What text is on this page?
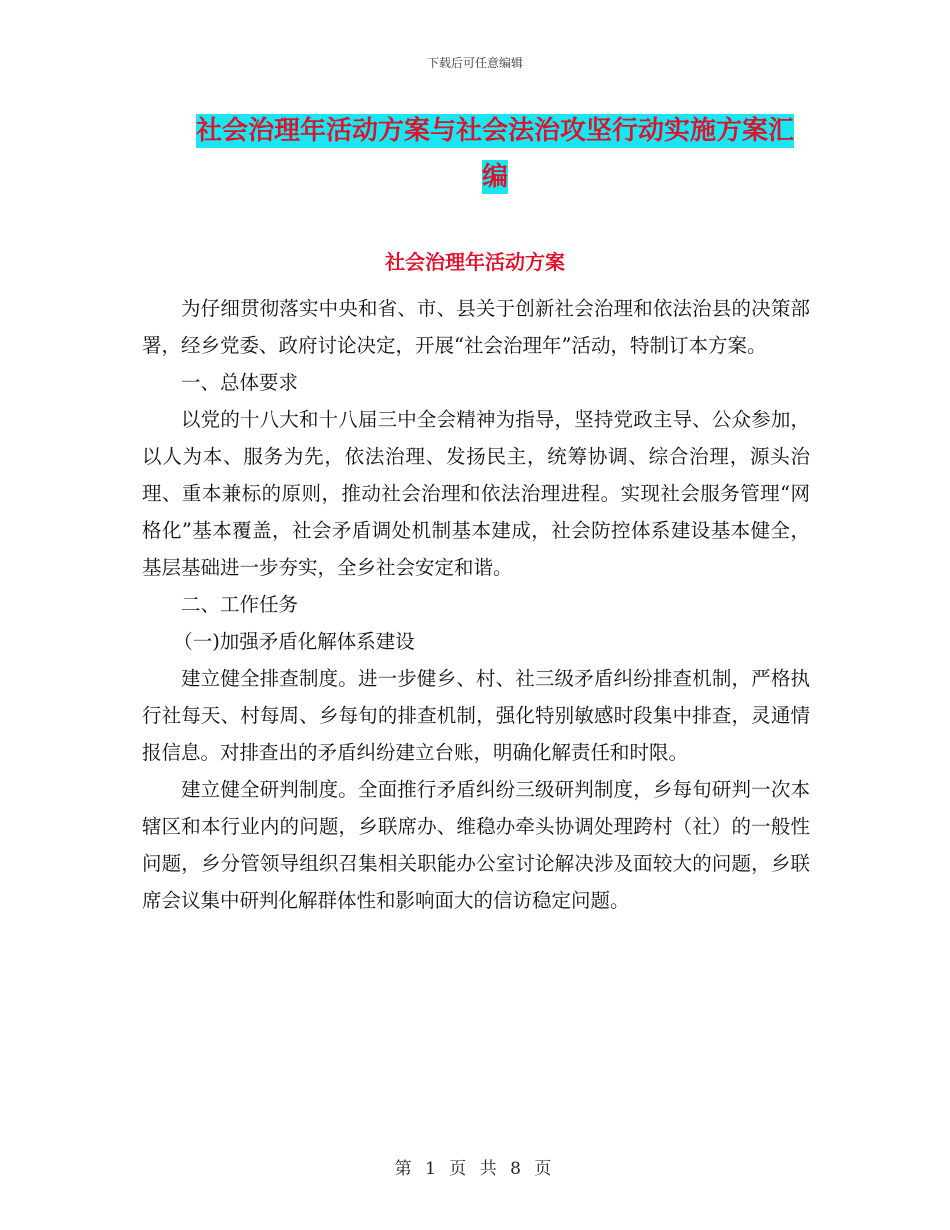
下载后可任意编辑
社会治理年活动方案与社会法治攻坚行动实施方案汇编
社会治理年活动方案

为仔细贯彻落实中央和省、市、县关于创新社会治理和依法治县的决策部署，经乡党委、政府讨论决定，开展“社会治理年”活动，特制订本方案。

一、总体要求

以党的十八大和十八届三中全会精神为指导，坚持党政主导、公众参加，以人为本、服务为先，依法治理、发扬民主，统筹协调、综合治理，源头治理、重本兼标的原则，推动社会治理和依法治理进程。实现社会服务管理“网格化”基本覆盖，社会矛盾调处机制基本建成，社会防控体系建设基本健全，基层基础进一步夯实，全乡社会安定和谐。

二、工作任务

（一)加强矛盾化解体系建设

建立健全排查制度。进一步健乡、村、社三级矛盾纠纷排查机制，严格执行社每天、村每周、乡每旬的排查机制，强化特别敏感时段集中排查，灵通情报信息。对排查出的矛盾纠纷建立台账，明确化解责任和时限。

建立健全研判制度。全面推行矛盾纠纷三级研判制度，乡每旬研判一次本辖区和本行业内的问题，乡联席办、维稳办牵头协调处理跨村（社）的一般性问题，乡分管领导组织召集相关职能办公室讨论解决涉及面较大的问题，乡联席会议集中研判化解群体性和影响面大的信访稳定问题。

第 1 页 共 8 页
